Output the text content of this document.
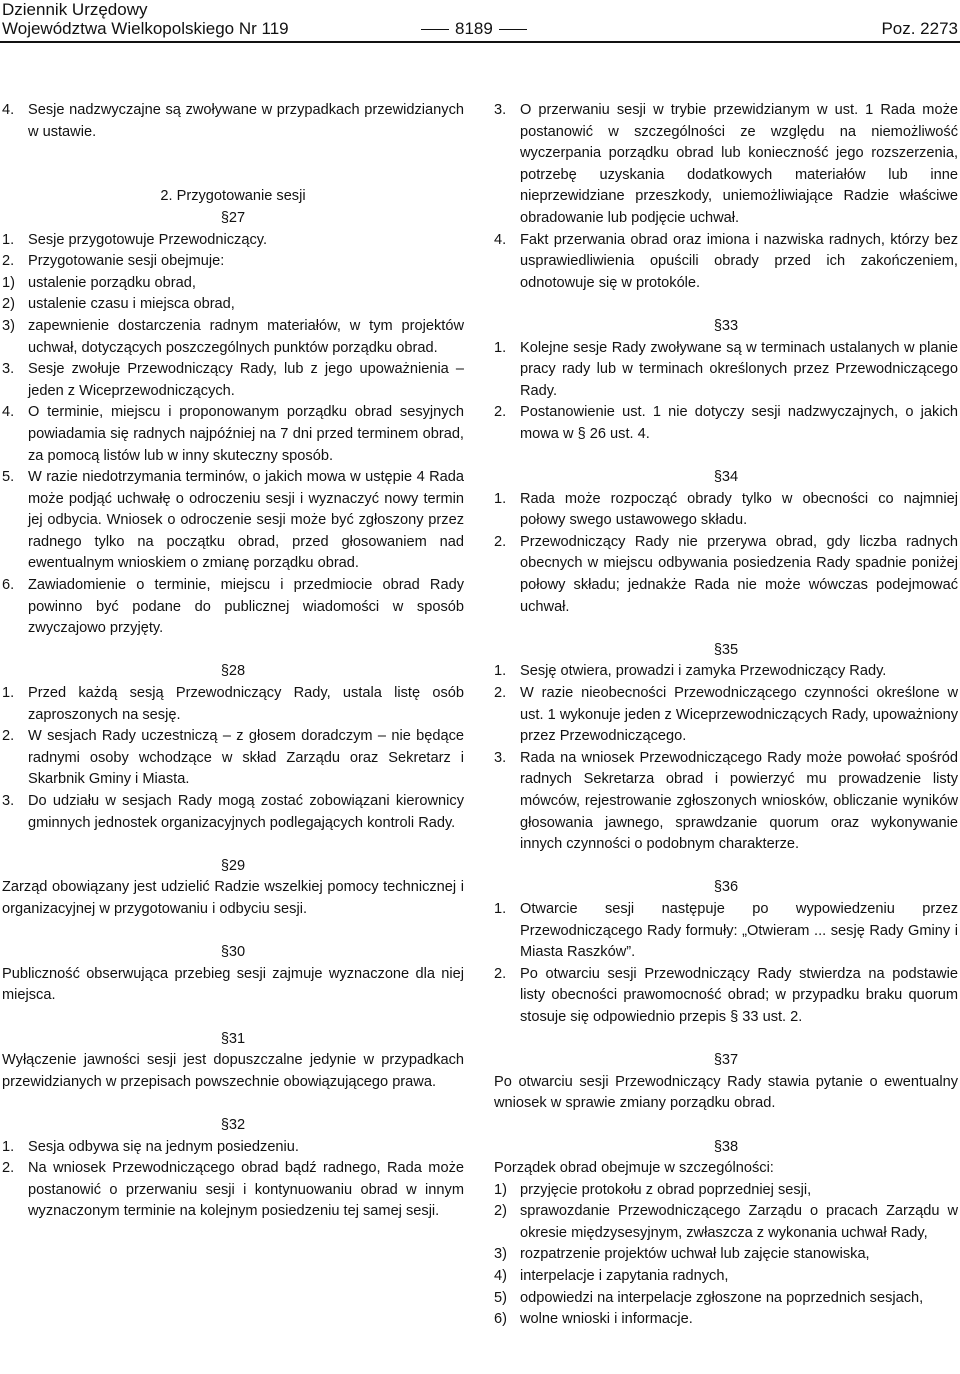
Dziennik Urzędowy
Województwa Wielkopolskiego Nr 119	8189	Poz. 2273
4. Sesje nadzwyczajne są zwoływane w przypadkach przewidzianych w ustawie.
2. Przygotowanie sesji
§27
1. Sesje przygotowuje Przewodniczący.
2. Przygotowanie sesji obejmuje:
1) ustalenie porządku obrad,
2) ustalenie czasu i miejsca obrad,
3) zapewnienie dostarczenia radnym materiałów, w tym projektów uchwał, dotyczących poszczególnych punktów porządku obrad.
3. Sesje zwołuje Przewodniczący Rady, lub z jego upoważnienia – jeden z Wiceprzewodniczących.
4. O terminie, miejscu i proponowanym porządku obrad sesyjnych powiadamia się radnych najpóźniej na 7 dni przed terminem obrad, za pomocą listów lub w inny skuteczny sposób.
5. W razie niedotrzymania terminów, o jakich mowa w ustępie 4 Rada może podjąć uchwałę o odroczeniu sesji i wyznaczyć nowy termin jej odbycia. Wniosek o odroczenie sesji może być zgłoszony przez radnego tylko na początku obrad, przed głosowaniem nad ewentualnym wnioskiem o zmianę porządku obrad.
6. Zawiadomienie o terminie, miejscu i przedmiocie obrad Rady powinno być podane do publicznej wiadomości w sposób zwyczajowo przyjęty.
§28
1. Przed każdą sesją Przewodniczący Rady, ustala listę osób zaproszonych na sesję.
2. W sesjach Rady uczestniczą – z głosem doradczym – nie będące radnymi osoby wchodzące w skład Zarządu oraz Sekretarz i Skarbnik Gminy i Miasta.
3. Do udziału w sesjach Rady mogą zostać zobowiązani kierownicy gminnych jednostek organizacyjnych podlegających kontroli Rady.
§29

Zarząd obowiązany jest udzielić Radzie wszelkiej pomocy technicznej i organizacyjnej w przygotowaniu i odbyciu sesji.

§30

Publiczność obserwująca przebieg sesji zajmuje wyznaczone dla niej miejsca.

§31

Wyłączenie jawności sesji jest dopuszczalne jedynie w przypadkach przewidzianych w przepisach powszechnie obowiązującego prawa.

§32
1. Sesja odbywa się na jednym posiedzeniu.
2. Na wniosek Przewodniczącego obrad bądź radnego, Rada może postanowić o przerwaniu sesji i kontynuowaniu obrad w innym wyznaczonym terminie na kolejnym posiedzeniu tej samej sesji.
3. O przerwaniu sesji w trybie przewidzianym w ust. 1 Rada może postanowić w szczególności ze względu na niemożliwość wyczerpania porządku obrad lub konieczność jego rozszerzenia, potrzebę uzyskania dodatkowych materiałów lub inne nieprzewidziane przeszkody, uniemożliwiające Radzie właściwe obradowanie lub podjęcie uchwał.
4. Fakt przerwania obrad oraz imiona i nazwiska radnych, którzy bez usprawiedliwienia opuścili obrady przed ich zakończeniem, odnotowuje się w protokóle.
§33
1. Kolejne sesje Rady zwoływane są w terminach ustalanych w planie pracy rady lub w terminach określonych przez Przewodniczącego Rady.
2. Postanowienie ust. 1 nie dotyczy sesji nadzwyczajnych, o jakich mowa w § 26 ust. 4.
§34
1. Rada może rozpocząć obrady tylko w obecności co najmniej połowy swego ustawowego składu.
2. Przewodniczący Rady nie przerywa obrad, gdy liczba radnych obecnych w miejscu odbywania posiedzenia Rady spadnie poniżej połowy składu; jednakże Rada nie może wówczas podejmować uchwał.
§35
1. Sesję otwiera, prowadzi i zamyka Przewodniczący Rady.
2. W razie nieobecności Przewodniczącego czynności określone w ust. 1 wykonuje jeden z Wiceprzewodniczących Rady, upoważniony przez Przewodniczącego.
3. Rada na wniosek Przewodniczącego Rady może powołać spośród radnych Sekretarza obrad i powierzyć mu prowadzenie listy mówców, rejestrowanie zgłoszonych wniosków, obliczanie wyników głosowania jawnego, sprawdzanie quorum oraz wykonywanie innych czynności o podobnym charakterze.
§36
1. Otwarcie sesji następuje po wypowiedzeniu przez Przewodniczącego Rady formuły: „Otwieram ... sesję Rady Gminy i Miasta Raszków”.
2. Po otwarciu sesji Przewodniczący Rady stwierdza na podstawie listy obecności prawomocność obrad; w przypadku braku quorum stosuje się odpowiednio przepis § 33 ust. 2.
§37

Po otwarciu sesji Przewodniczący Rady stawia pytanie o ewentualny wniosek w sprawie zmiany porządku obrad.

§38

Porządek obrad obejmuje w szczególności:

1) przyjęcie protokołu z obrad poprzedniej sesji,
2) sprawozdanie Przewodniczącego Zarządu o pracach Zarządu w okresie międzysesyjnym, zwłaszcza z wykonania uchwał Rady,
3) rozpatrzenie projektów uchwał lub zajęcie stanowiska,
4) interpelacje i zapytania radnych,
5) odpowiedzi na interpelacje zgłoszone na poprzednich sesjach,
6) wolne wnioski i informacje.
